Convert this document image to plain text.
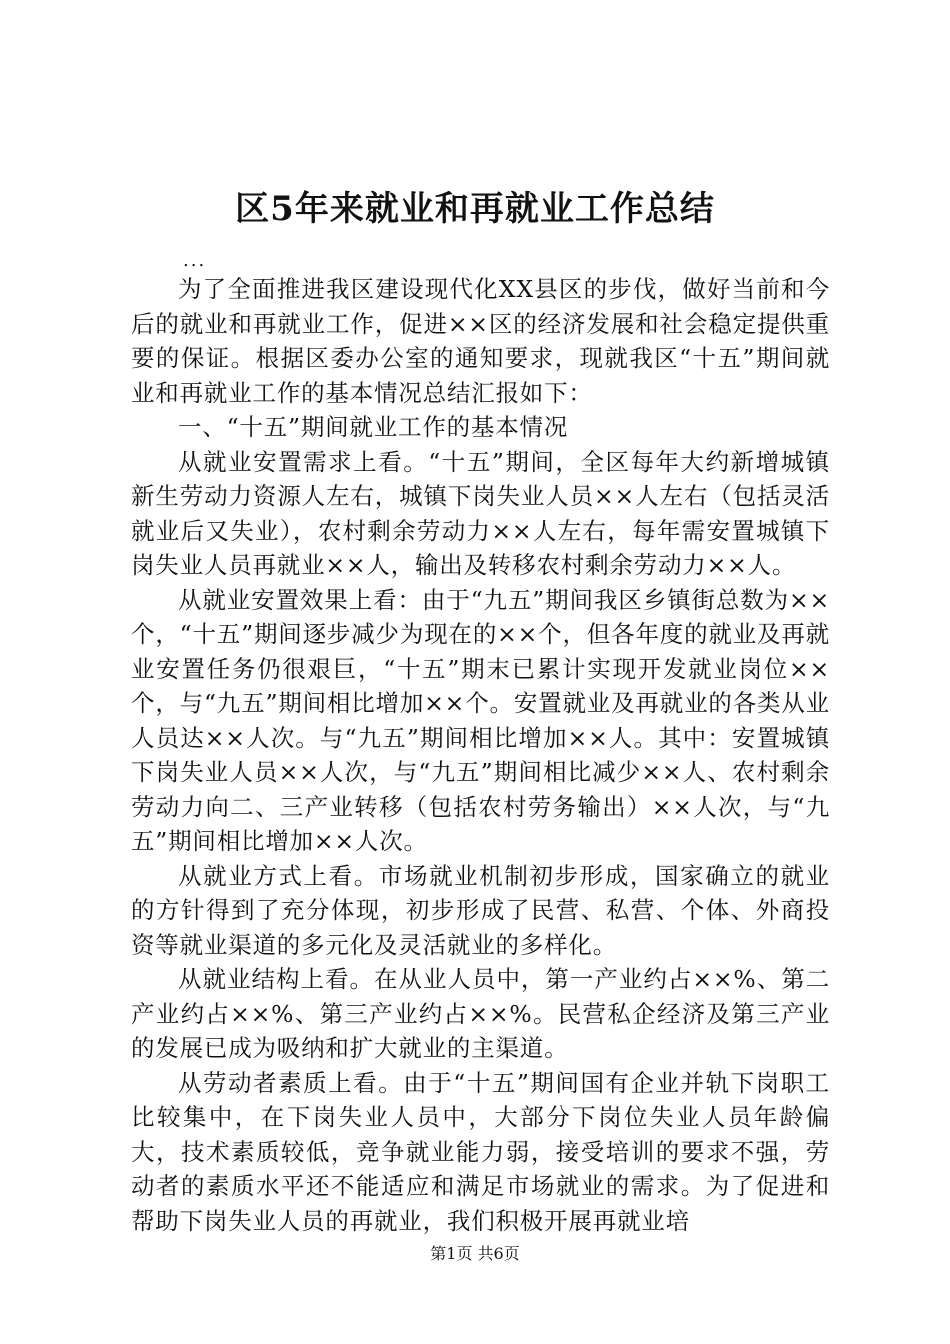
区5年来就业和再就业工作总结
...

为了全面推进我区建设现代化XX县区的步伐，做好当前和今后的就业和再就业工作，促进××区的经济发展和社会稳定提供重要的保证。根据区委办公室的通知要求，现就我区“十五”期间就业和再就业工作的基本情况总结汇报如下：

一、“十五”期间就业工作的基本情况

从就业安置需求上看。“十五”期间，全区每年大约新增城镇新生劳动力资源人左右，城镇下岗失业人员××人左右（包括灵活就业后又失业），农村剩余劳动力××人左右，每年需安置城镇下岗失业人员再就业××人，输出及转移农村剩余劳动力××人。

从就业安置效果上看：由于“九五”期间我区乡镇街总数为××个，“十五”期间逐步减少为现在的××个，但各年度的就业及再就业安置任务仍很艰巨，“十五”期末已累计实现开发就业岗位××个，与“九五”期间相比增加××个。安置就业及再就业的各类从业人员达××人次。与“九五”期间相比增加××人。其中：安置城镇下岗失业人员××人次，与“九五”期间相比减少××人、农村剩余劳动力向二、三产业转移（包括农村劳务输出）××人次，与“九五”期间相比增加××人次。

从就业方式上看。市场就业机制初步形成，国家确立的就业的方针得到了充分体现，初步形成了民营、私营、个体、外商投资等就业渠道的多元化及灵活就业的多样化。

从就业结构上看。在从业人员中，第一产业约占××%、第二产业约占××%、第三产业约占××%。民营私企经济及第三产业的发展已成为吸纳和扩大就业的主渠道。

从劳动者素质上看。由于“十五”期间国有企业并轨下岗职工比较集中，在下岗失业人员中，大部分下岗位失业人员年龄偏大，技术素质较低，竞争就业能力弱，接受培训的要求不强，劳动者的素质水平还不能适应和满足市场就业的需求。为了促进和帮助下岗失业人员的再就业，我们积极开展再就业培

第1页 共6页
